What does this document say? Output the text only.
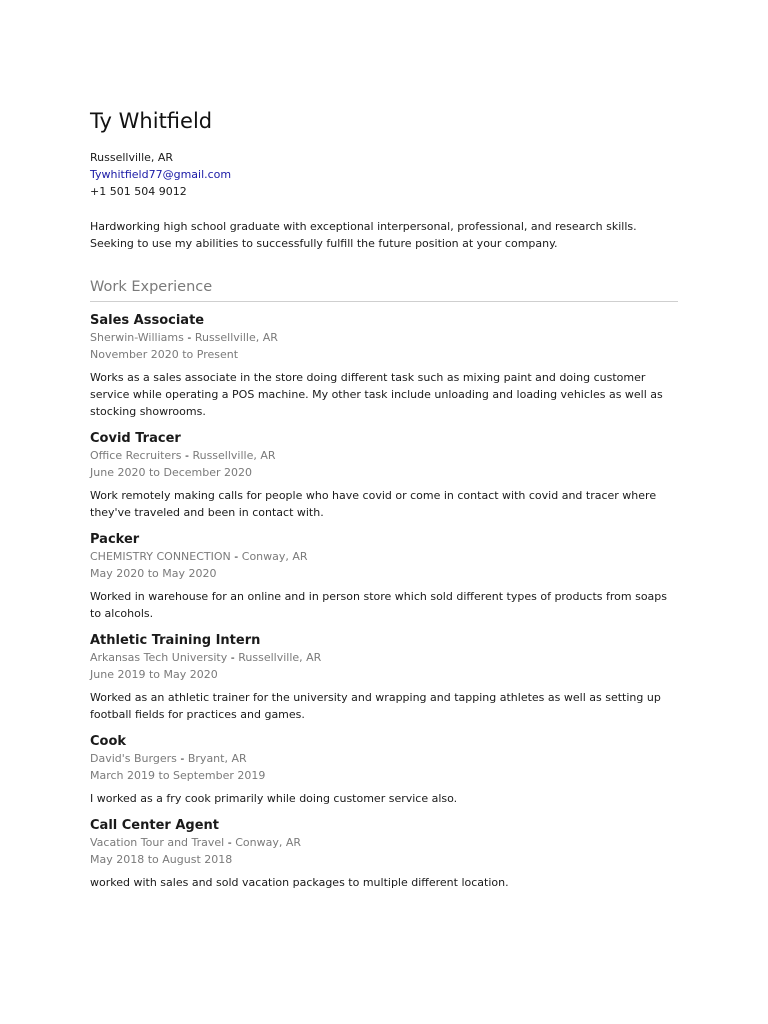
Ty Whitfield
Russellville, AR
Tywhitfield77@gmail.com
+1 501 504 9012
Hardworking high school graduate with exceptional interpersonal, professional, and research skills. Seeking to use my abilities to successfully fulfill the future position at your company.
Work Experience
Sales Associate
Sherwin-Williams - Russellville, AR
November 2020 to Present
Works as a sales associate in the store doing different task such as mixing paint and doing customer service while operating a POS machine. My other task include unloading and loading vehicles as well as stocking showrooms.
Covid Tracer
Office Recruiters - Russellville, AR
June 2020 to December 2020
Work remotely making calls for people who have covid or come in contact with covid and tracer where they've traveled and been in contact with.
Packer
CHEMISTRY CONNECTION - Conway, AR
May 2020 to May 2020
Worked in warehouse for an online and in person store which sold different types of products from soaps to alcohols.
Athletic Training Intern
Arkansas Tech University - Russellville, AR
June 2019 to May 2020
Worked as an athletic trainer for the university and wrapping and tapping athletes as well as setting up football fields for practices and games.
Cook
David's Burgers - Bryant, AR
March 2019 to September 2019
I worked as a fry cook primarily while doing customer service also.
Call Center Agent
Vacation Tour and Travel - Conway, AR
May 2018 to August 2018
worked with sales and sold vacation packages to multiple different location.
